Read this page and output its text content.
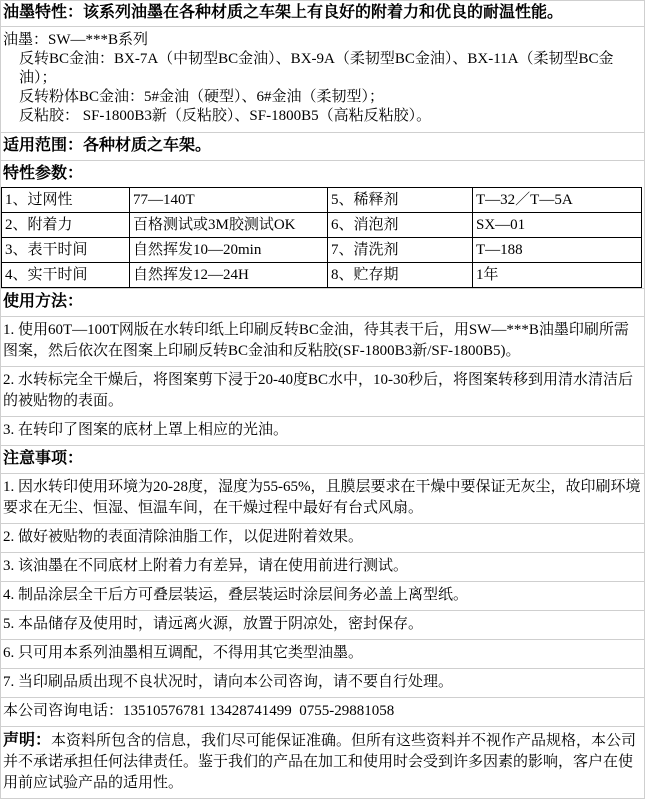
油墨特性：该系列油墨在各种材质之车架上有良好的附着力和优良的耐温性能。
油墨：SW—***B系列
反转BC金油：BX-7A（中韧型BC金油）、BX-9A（柔韧型BC金油）、BX-11A（柔韧型BC金油）；
反转粉体BC金油：5#金油（硬型）、6#金油（柔韧型）；
反粘胶： SF-1800B3新（反粘胶）、SF-1800B5（高粘反粘胶）。
适用范围：各种材质之车架。
特性参数：
1、过网性	77—140T	5、稀释剂	T—32／T—5A
2、附着力	百格测试或3M胶测试OK	6、消泡剂	SX—01
3、表干时间	自然挥发10—20min	7、清洗剂	T—188
4、实干时间	自然挥发12—24H	8、贮存期	1年
使用方法：
1. 使用60T—100T网版在水转印纸上印刷反转BC金油，待其表干后，用SW—***B油墨印刷所需图案，然后依次在图案上印刷反转BC金油和反粘胶(SF-1800B3新/SF-1800B5)。
2. 水转标完全干燥后，将图案剪下浸于20-40度BC水中，10-30秒后，将图案转移到用清水清洁后的被贴物的表面。
3. 在转印了图案的底材上罩上相应的光油。
注意事项：
1. 因水转印使用环境为20-28度，湿度为55-65%，且膜层要求在干燥中要保证无灰尘，故印刷环境要求在无尘、恒湿、恒温车间，在干燥过程中最好有台式风扇。
2. 做好被贴物的表面清除油脂工作，以促进附着效果。
3. 该油墨在不同底材上附着力有差异，请在使用前进行测试。
4. 制品涂层全干后方可叠层装运，叠层装运时涂层间务必盖上离型纸。
5. 本品储存及使用时，请远离火源，放置于阴凉处，密封保存。
6. 只可用本系列油墨相互调配，不得用其它类型油墨。
7. 当印刷品质出现不良状况时，请向本公司咨询，请不要自行处理。
本公司咨询电话：13510576781 13428741499  0755-29881058
声明：本资料所包含的信息，我们尽可能保证准确。但所有这些资料并不视作产品规格，本公司并不承诺承担任何法律责任。鉴于我们的产品在加工和使用时会受到许多因素的影响，客户在使用前应试验产品的适用性。
